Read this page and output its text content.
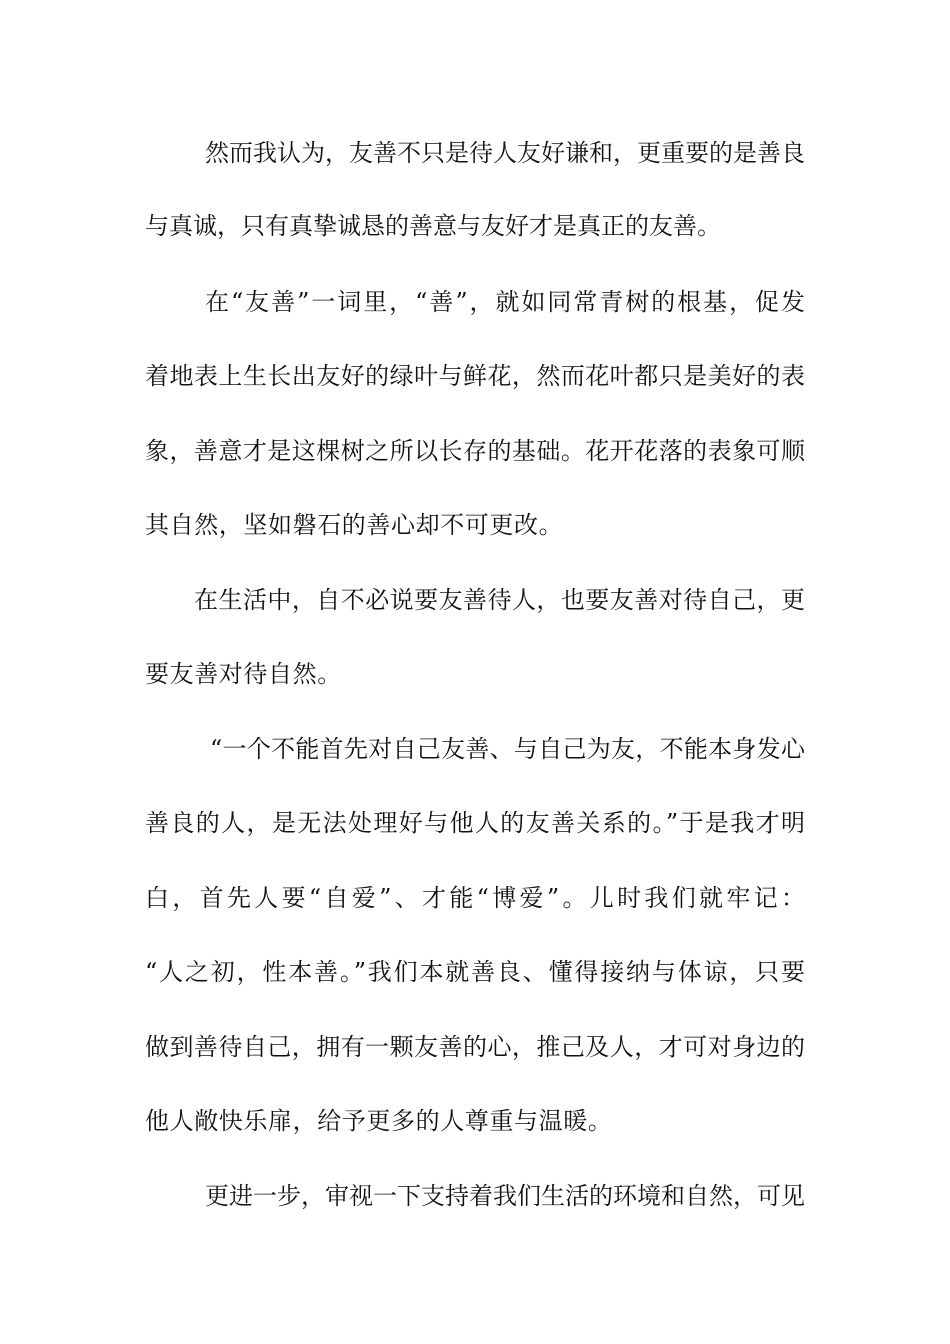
然而我认为，友善不只是待人友好谦和，更重要的是善良
与真诚，只有真挚诚恳的善意与友好才是真正的友善。
在“友善”一词里，“善”，就如同常青树的根基，促发
着地表上生长出友好的绿叶与鲜花，然而花叶都只是美好的表
象，善意才是这棵树之所以长存的基础。花开花落的表象可顺
其自然，坚如磐石的善心却不可更改。
在生活中，自不必说要友善待人，也要友善对待自己，更
要友善对待自然。
“一个不能首先对自己友善、与自己为友，不能本身发心
善良的人，是无法处理好与他人的友善关系的。”于是我才明
白，首先人要“自爱”、才能“博爱”。儿时我们就牢记：
“人之初，性本善。”我们本就善良、懂得接纳与体谅，只要
做到善待自己，拥有一颗友善的心，推己及人，才可对身边的
他人敞快乐扉，给予更多的人尊重与温暖。
更进一步，审视一下支持着我们生活的环境和自然，可见
